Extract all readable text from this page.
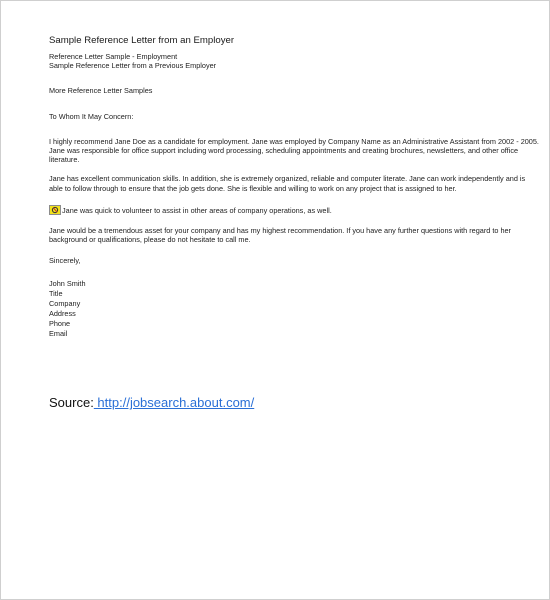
Sample Reference Letter from an Employer
Reference Letter Sample - Employment
Sample Reference Letter from a Previous Employer
More Reference Letter Samples
To Whom It May Concern:

I highly recommend Jane Doe as a candidate for employment. Jane was employed by Company Name as an Administrative Assistant from 2002 - 2005. Jane was responsible for office support including word processing, scheduling appointments and creating brochures, newsletters, and other office literature.

Jane has excellent communication skills. In addition, she is extremely organized, reliable and computer literate. Jane can work independently and is able to follow through to ensure that the job gets done. She is flexible and willing to work on any project that is assigned to her.

Jane was quick to volunteer to assist in other areas of company operations, as well.

Jane would be a tremendous asset for your company and has my highest recommendation. If you have any further questions with regard to her background or qualifications, please do not hesitate to call me.

Sincerely,
John Smith
Title
Company
Address
Phone
Email
Source: http://jobsearch.about.com/
